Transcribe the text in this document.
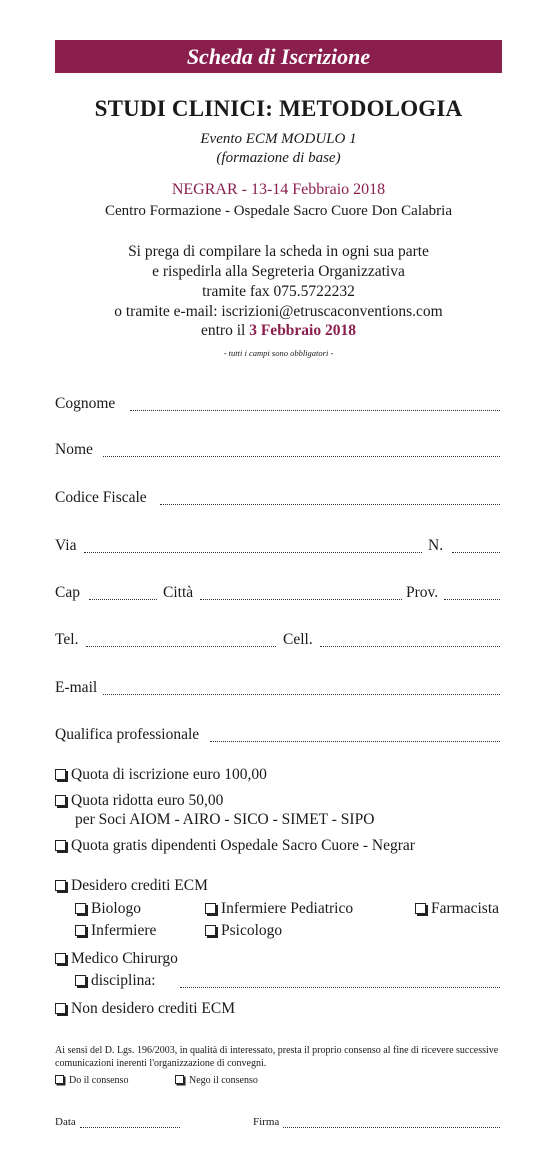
Scheda di Iscrizione
STUDI CLINICI: METODOLOGIA
Evento ECM MODULO 1
(formazione di base)
NEGRAR - 13-14 Febbraio 2018
Centro Formazione - Ospedale Sacro Cuore Don Calabria
Si prega di compilare la scheda in ogni sua parte
e rispedirla alla Segreteria Organizzativa
tramite fax 075.5722232
o tramite e-mail: iscrizioni@etruscaconventions.com
entro il 3 Febbraio 2018
- tutti i campi sono obbligatori -
Cognome
Nome
Codice Fiscale
Via	N.
Cap	Città	Prov.
Tel.	Cell.
E-mail
Qualifica professionale
Quota di iscrizione euro 100,00
Quota ridotta euro 50,00
per Soci AIOM - AIRO - SICO - SIMET - SIPO
Quota gratis dipendenti Ospedale Sacro Cuore - Negrar
Desidero crediti ECM
Biologo	Infermiere Pediatrico	Farmacista
Infermiere	Psicologo
Medico Chirurgo
disciplina:
Non desidero crediti ECM
Ai sensi del D. Lgs. 196/2003, in qualità di interessato, presta il proprio consenso al fine di ricevere successive comunicazioni inerenti l'organizzazione di convegni.
Do il consenso	Nego il consenso
Data	Firma
